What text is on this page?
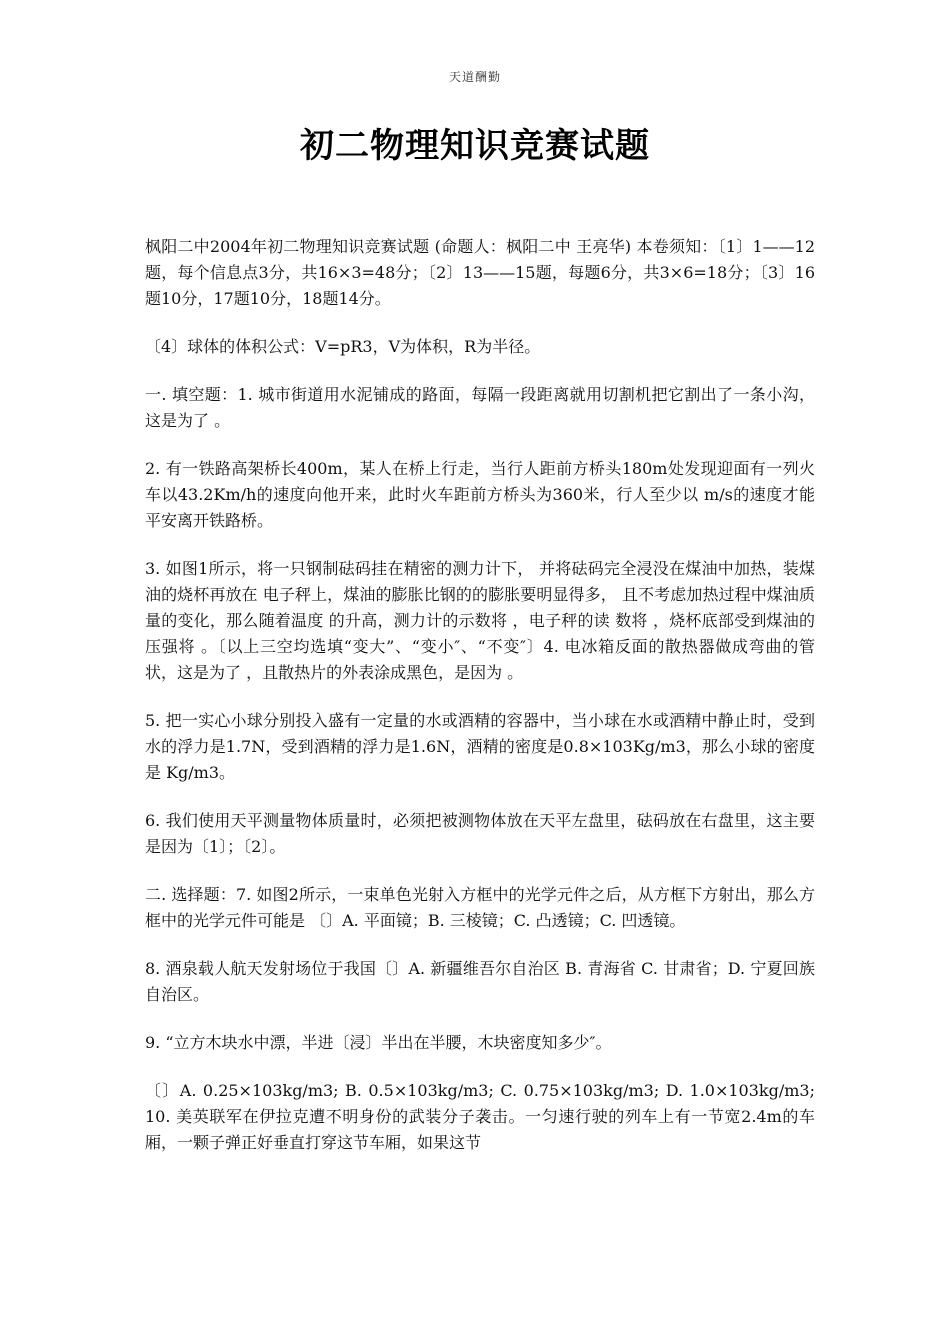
天道酬勤
初二物理知识竞赛试题

枫阳二中2004年初二物理知识竞赛试题 (命题人：枫阳二中 王亮华) 本卷须知：〔1〕1——12题，每个信息点3分，共16×3=48分；〔2〕13——15题，每题6分，共3×6=18分；〔3〕16题10分，17题10分，18题14分。

〔4〕球体的体积公式：V=pR3，V为体积，R为半径。

一. 填空题：1. 城市街道用水泥铺成的路面，每隔一段距离就用切割机把它割出了一条小沟，这是为了 。

2. 有一铁路高架桥长400m，某人在桥上行走，当行人距前方桥头180m处发现迎面有一列火车以43.2Km/h的速度向他开来，此时火车距前方桥头为360米，行人至少以 m/s的速度才能平安离开铁路桥。

3. 如图1所示，将一只钢制砝码挂在精密的测力计下， 并将砝码完全浸没在煤油中加热，装煤油的烧杯再放在 电子秤上，煤油的膨胀比钢的的膨胀要明显得多， 且不考虑加热过程中煤油质量的变化，那么随着温度 的升高，测力计的示数将 ，电子秤的读 数将 ，烧杯底部受到煤油的压强将 。〔以上三空均选填“变大”、“变小″、“不变″〕4. 电冰箱反面的散热器做成弯曲的管状，这是为了 ，且散热片的外表涂成黑色，是因为 。

5. 把一实心小球分别投入盛有一定量的水或酒精的容器中，当小球在水或酒精中静止时，受到水的浮力是1.7N，受到酒精的浮力是1.6N，酒精的密度是0.8×103Kg/m3，那么小球的密度是 Kg/m3。

6. 我们使用天平测量物体质量时，必须把被测物体放在天平左盘里，砝码放在右盘里，这主要是因为〔1〕；〔2〕。

二. 选择题：7. 如图2所示，一束单色光射入方框中的光学元件之后，从方框下方射出，那么方框中的光学元件可能是 〔〕A. 平面镜；B. 三棱镜；C. 凸透镜；C. 凹透镜。

8. 酒泉载人航天发射场位于我国〔〕A. 新疆维吾尔自治区 B. 青海省 C. 甘肃省；D. 宁夏回族自治区。

9. “立方木块水中漂，半进〔浸〕半出在半腰，木块密度知多少″。

〔〕A. 0.25×103kg/m3; B. 0.5×103kg/m3; C. 0.75×103kg/m3; D. 1.0×103kg/m3; 10. 美英联军在伊拉克遭不明身份的武装分子袭击。一匀速行驶的列车上有一节宽2.4m的车厢，一颗子弹正好垂直打穿这节车厢，如果这节
